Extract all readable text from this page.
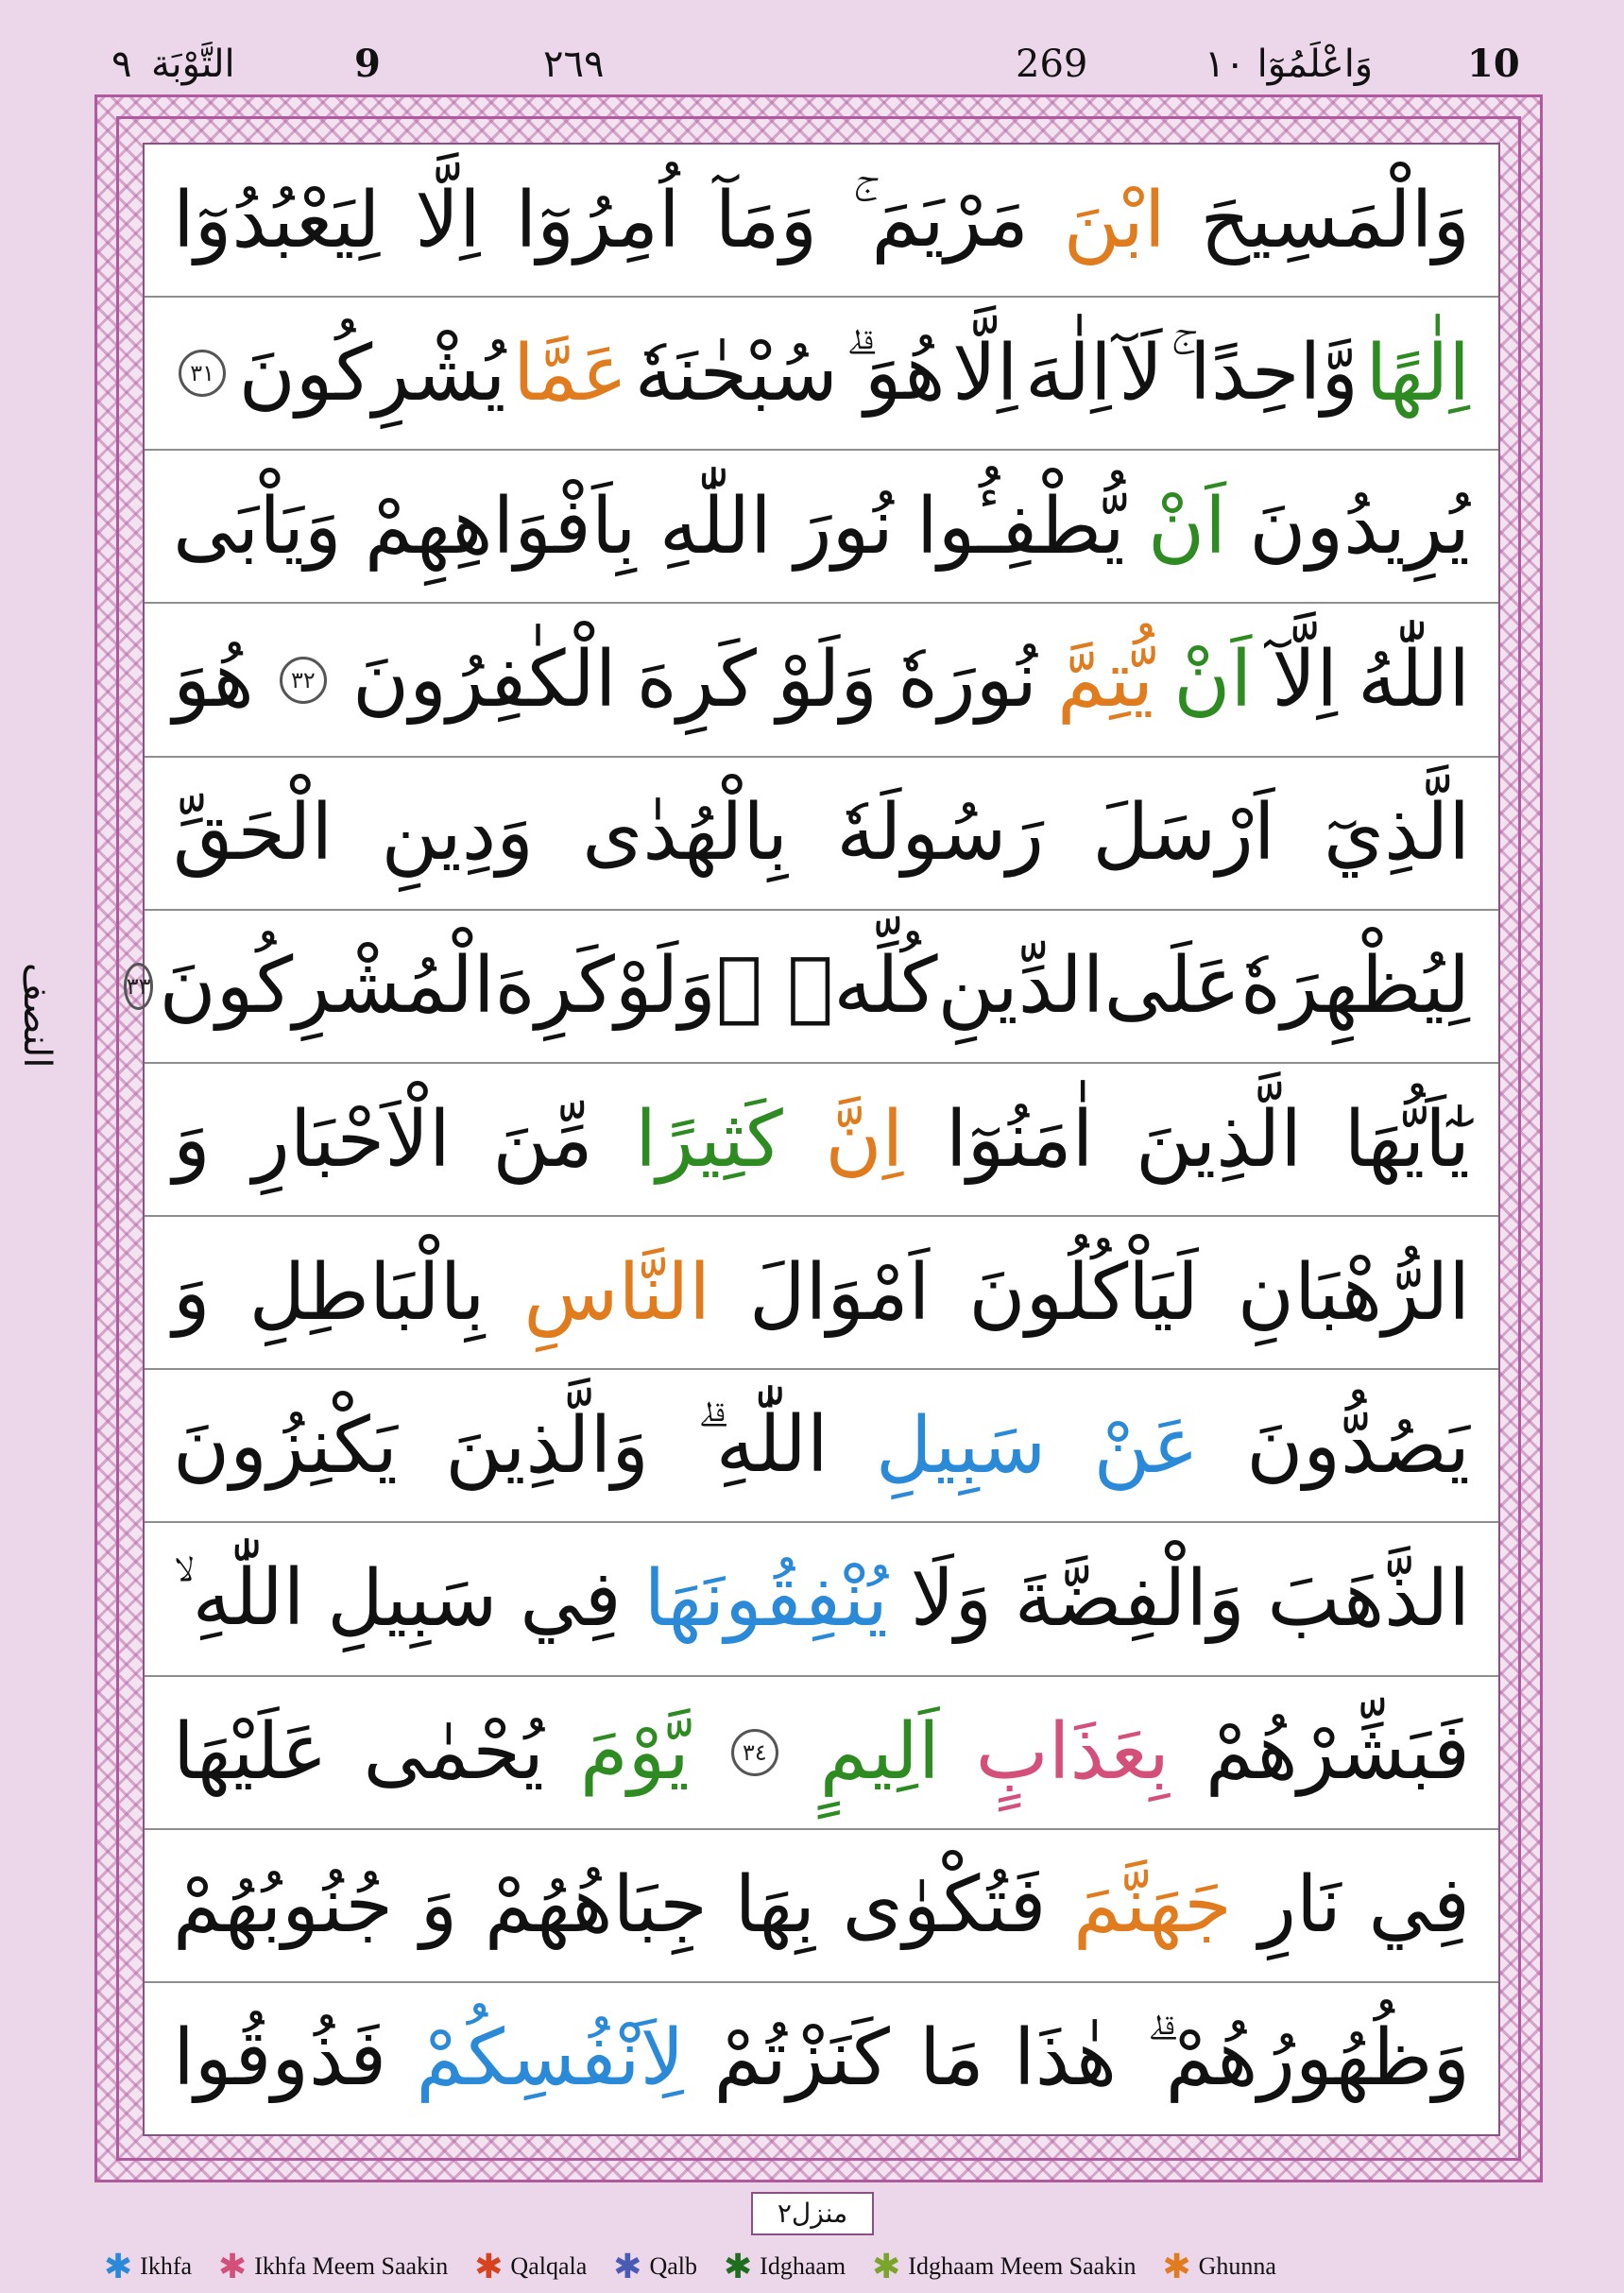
10
وَاعْلَمُوٓا ١٠
269
٢٦٩
9
التَّوْبَة
٩
النصف
وَالْمَسِيحَ
ابْنَ
مَرْيَمَ ۚ
وَمَآ
اُمِرُوٓا
اِلَّا
لِيَعْبُدُوٓا
اِلٰهًا
وَّاحِدًا ۚ
لَآ
اِلٰهَ
اِلَّا
هُوَ ۗ
سُبْحٰنَهٗ
عَمَّا
يُشْرِكُونَ
٣١
يُرِيدُونَ
اَنْ
يُّطْفِـُٔوا
نُورَ
اللّٰهِ
بِاَفْوَاهِهِمْ
وَيَاْبَى
اللّٰهُ
اِلَّآ
اَنْ
يُّتِمَّ
نُورَهٗ
وَلَوْ
كَرِهَ
الْكٰفِرُونَ
٣٢
هُوَ
الَّذِيٓ
اَرْسَلَ
رَسُولَهٗ
بِالْهُدٰى
وَدِينِ
الْحَقِّ
لِيُظْهِرَهٗ
عَلَى
الدِّينِ
كُلِّهٖ ۙ
وَلَوْ
كَرِهَ
الْمُشْرِكُونَ
٣٣
يٰٓاَيُّهَا
الَّذِينَ
اٰمَنُوٓا
اِنَّ
كَثِيرًا
مِّنَ
الْاَحْبَارِ
وَ
الرُّهْبَانِ
لَيَاْكُلُونَ
اَمْوَالَ
النَّاسِ
بِالْبَاطِلِ
وَ
يَصُدُّونَ
عَنْ
سَبِيلِ
اللّٰهِ ۗ
وَالَّذِينَ
يَكْنِزُونَ
الذَّهَبَ
وَالْفِضَّةَ
وَلَا
يُنْفِقُونَهَا
فِي
سَبِيلِ
اللّٰهِ ۙ
فَبَشِّرْهُمْ
بِعَذَابٍ
اَلِيمٍ
٣٤
يَّوْمَ
يُحْمٰى
عَلَيْهَا
فِي
نَارِ
جَهَنَّمَ
فَتُكْوٰى
بِهَا
جِبَاهُهُمْ
وَ
جُنُوبُهُمْ
وَظُهُورُهُمْ ۗ
هٰذَا
مَا
كَنَزْتُمْ
لِاَنْفُسِكُمْ
فَذُوقُوا
منزل٢
✱ Ikhfa ✱ Ikhfa Meem Saakin ✱ Qalqala ✱ Qalb ✱ Idghaam ✱ Idghaam Meem Saakin ✱ Ghunna
